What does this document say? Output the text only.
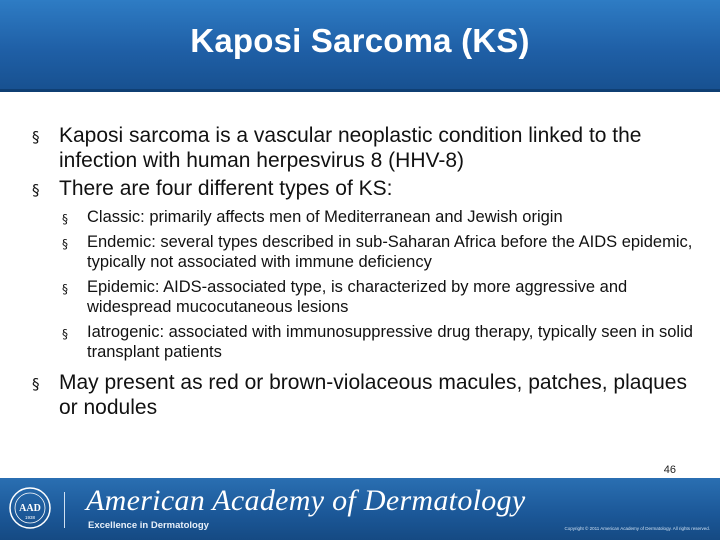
Kaposi Sarcoma (KS)
§ Kaposi sarcoma is a vascular neoplastic condition linked to the infection with human herpesvirus 8 (HHV-8)
§ There are four different types of KS:
§ Classic: primarily affects men of Mediterranean and Jewish origin
§ Endemic: several types described in sub-Saharan Africa before the AIDS epidemic, typically not associated with immune deficiency
§ Epidemic: AIDS-associated type, is characterized by more aggressive and widespread mucocutaneous lesions
§ Iatrogenic: associated with immunosuppressive drug therapy, typically seen in solid transplant patients
§ May present as red or brown-violaceous macules, patches, plaques or nodules
46
AAD
1938
American Academy of Dermatology
Excellence in Dermatology	Copyright © 2011 American Academy of Dermatology. All rights reserved.
